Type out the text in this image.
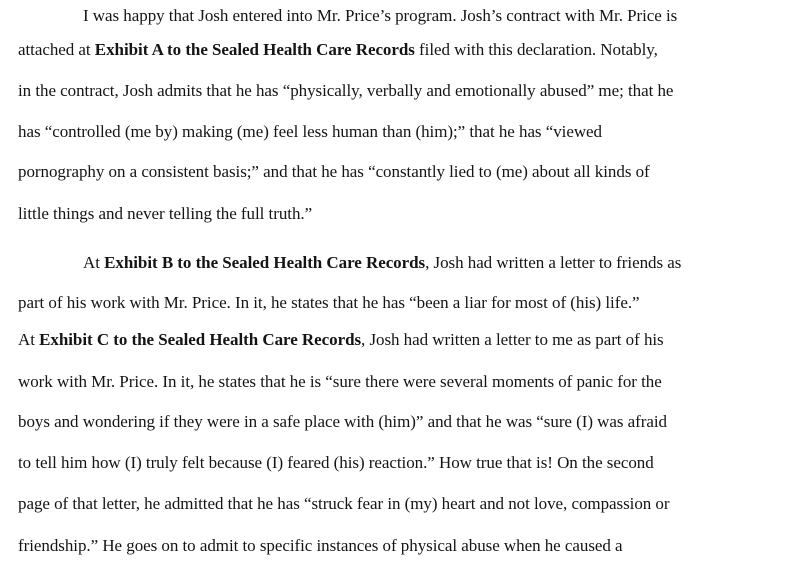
I was happy that Josh entered into Mr. Price’s program. Josh’s contract with Mr. Price is
attached at Exhibit A to the Sealed Health Care Records filed with this declaration. Notably,
in the contract, Josh admits that he has “physically, verbally and emotionally abused” me; that he
has “controlled (me by) making (me) feel less human than (him);” that he has “viewed
pornography on a consistent basis;” and that he has “constantly lied to (me) about all kinds of
little things and never telling the full truth.”
At Exhibit B to the Sealed Health Care Records, Josh had written a letter to friends as
part of his work with Mr. Price. In it, he states that he has “been a liar for most of (his) life.”
At Exhibit C to the Sealed Health Care Records, Josh had written a letter to me as part of his
work with Mr. Price. In it, he states that he is “sure there were several moments of panic for the
boys and wondering if they were in a safe place with (him)” and that he was “sure (I) was afraid
to tell him how (I) truly felt because (I) feared (his) reaction.” How true that is! On the second
page of that letter, he admitted that he has “struck fear in (my) heart and not love, compassion or
friendship.” He goes on to admit to specific instances of physical abuse when he caused a
